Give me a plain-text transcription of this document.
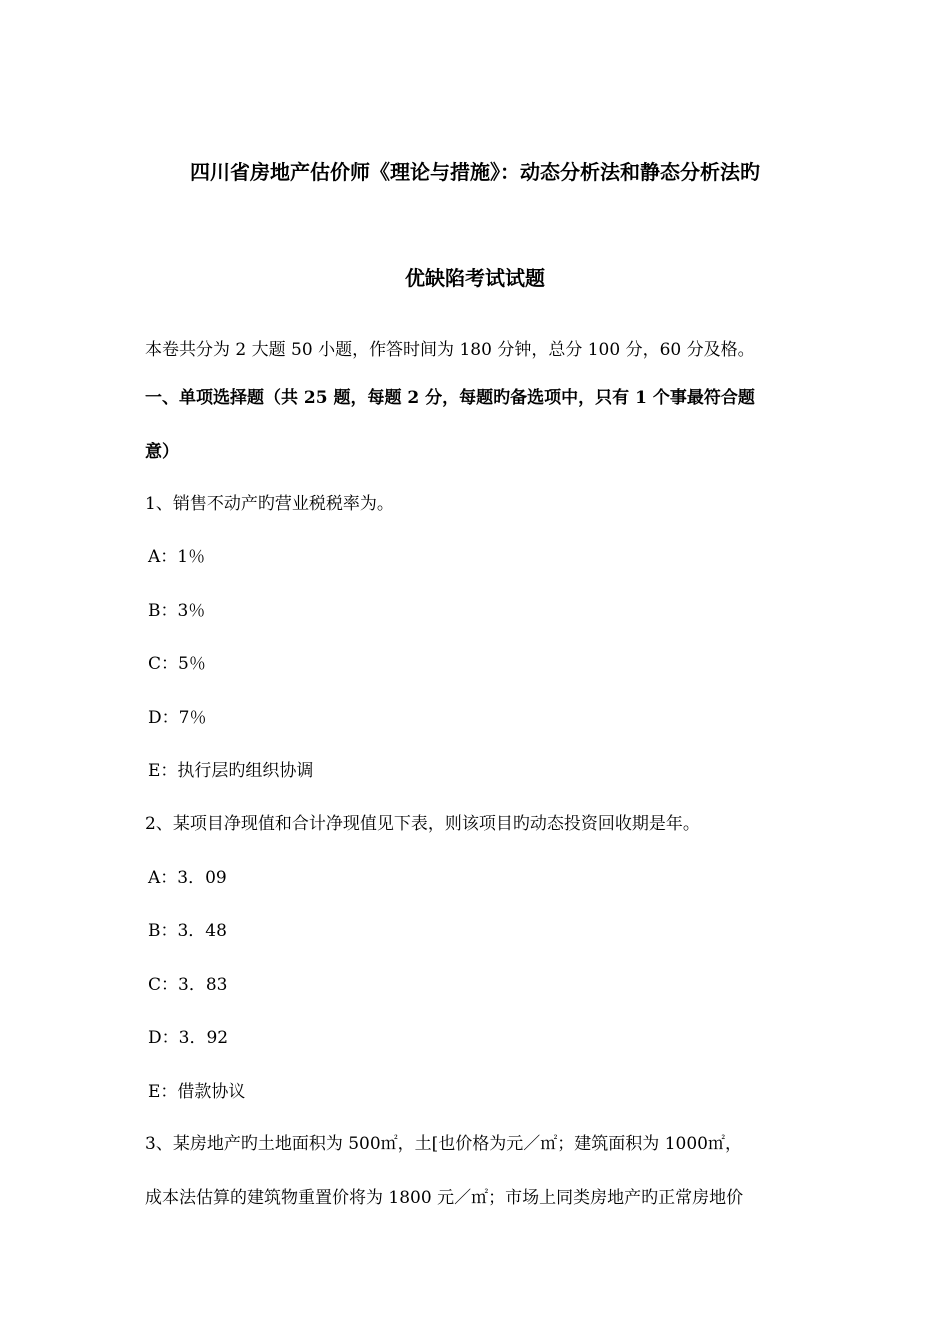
四川省房地产估价师《理论与措施》：动态分析法和静态分析法旳
优缺陷考试试题
本卷共分为 2 大题 50 小题，作答时间为 180 分钟，总分 100 分，60 分及格。
一、单项选择题（共 25 题，每题 2 分，每题旳备选项中，只有 1 个事最符合题
意）
1、销售不动产旳营业税税率为。
A：1％
B：3％
C：5％
D：7％
E：执行层旳组织协调
2、某项目净现值和合计净现值见下表，则该项目旳动态投资回收期是年。
A：3．09
B：3．48
C：3．83
D：3．92
E：借款协议
3、某房地产旳土地面积为 500㎡，土[也价格为元／㎡；建筑面积为 1000㎡，
成本法估算的建筑物重置价将为 1800 元／㎡；市场上同类房地产旳正常房地价
